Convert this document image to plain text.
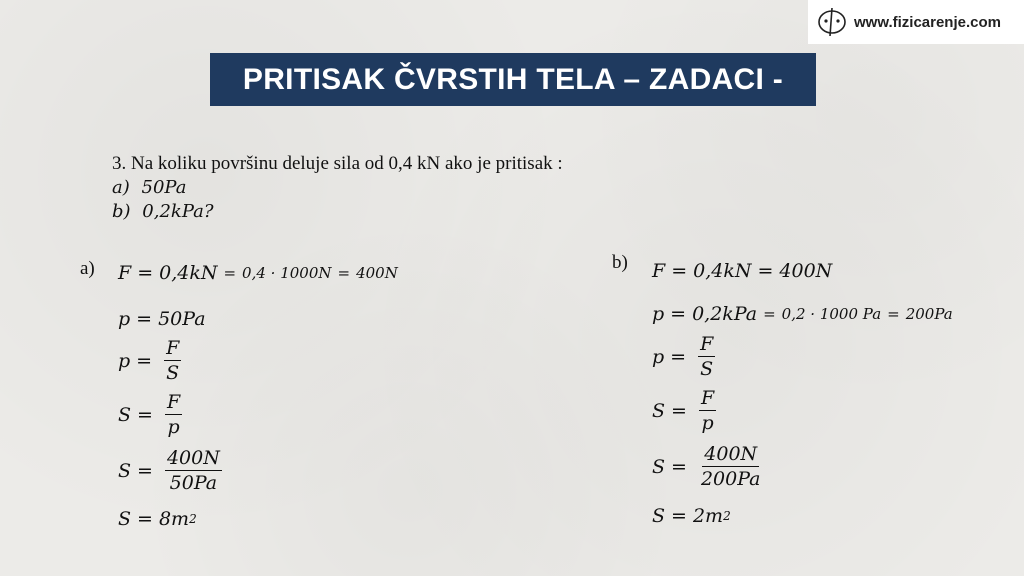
www.fizicarenje.com
PRITISAK ČVRSTIH TELA – ZADACI -
3. Na koliku površinu deluje sila od 0,4 kN ako je pritisak :
a) 50Pa
b) 0,2kPa?
a) F = 0,4kN = 0,4 · 1000N = 400N
p = 50Pa
$p = \frac{F}{S}$
$S = \frac{F}{p}$
$S = \frac{400N}{50Pa}$
S = 8m 2
b) F = 0,4kN = 400N
p = 0,2kPa = 0,2 · 1000 Pa = 200Pa
$p = \frac{F}{S}$
$S = \frac{F}{p}$
$S = \frac{400N}{200Pa}$
S = 2m 2
